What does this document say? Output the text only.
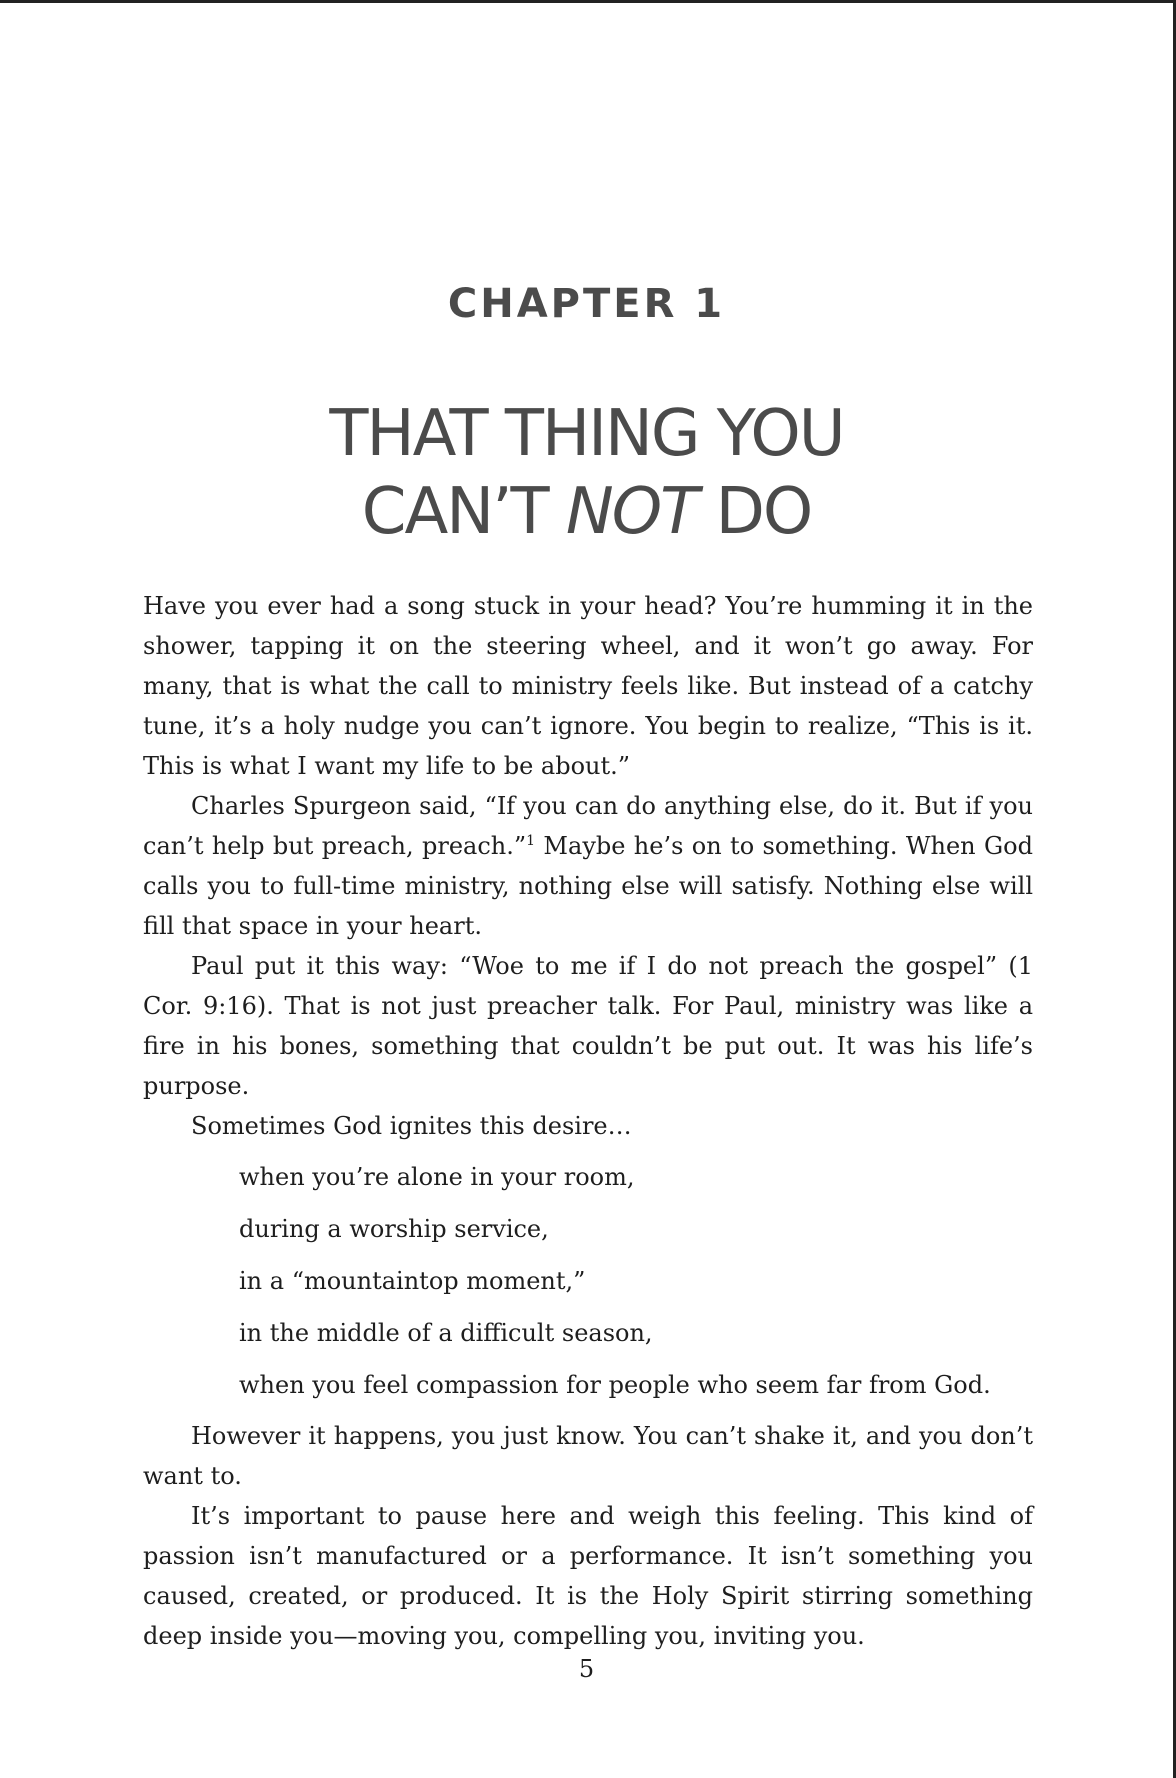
CHAPTER 1
THAT THING YOU
CAN’T NOT DO

Have you ever had a song stuck in your head? You’re humming it in the shower, tapping it on the steering wheel, and it won’t go away. For many, that is what the call to ministry feels like. But instead of a catchy tune, it’s a holy nudge you can’t ignore. You begin to realize, “This is it. This is what I want my life to be about.”

Charles Spurgeon said, “If you can do anything else, do it. But if you can’t help but preach, preach.”$^1$ Maybe he’s on to something. When God calls you to full-time ministry, nothing else will satisfy. Nothing else will fill that space in your heart.

Paul put it this way: “Woe to me if I do not preach the gospel” (1 Cor. 9:16). That is not just preacher talk. For Paul, ministry was like a fire in his bones, something that couldn’t be put out. It was his life’s purpose.

Sometimes God ignites this desire…

when you’re alone in your room,
during a worship service,
in a “mountaintop moment,”
in the middle of a difficult season,
when you feel compassion for people who seem far from God.

However it happens, you just know. You can’t shake it, and you don’t want to.

It’s important to pause here and weigh this feeling. This kind of passion isn’t manufactured or a performance. It isn’t something you caused, created, or produced. It is the Holy Spirit stirring something deep inside you—moving you, compelling you, inviting you.

5
